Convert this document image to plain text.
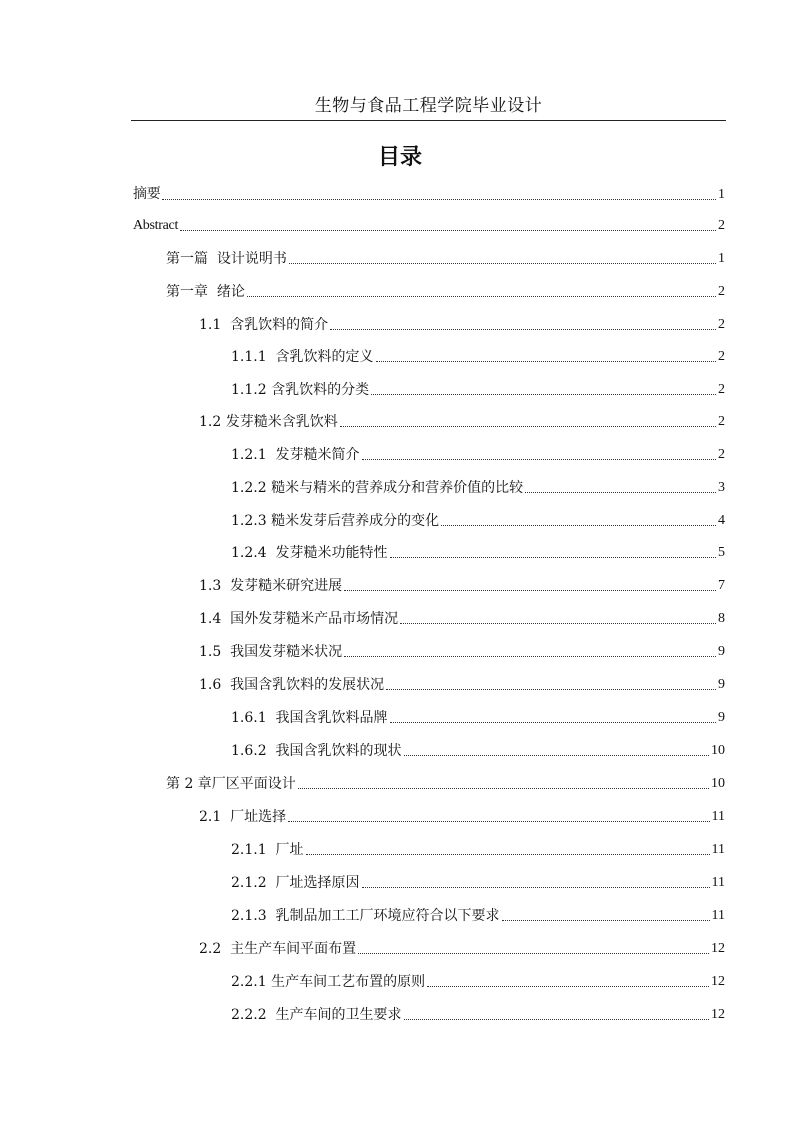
生物与食品工程学院毕业设计
目录
摘要	1
Abstract	2
第一篇  设计说明书	1
第一章  绪论	2
1.1  含乳饮料的简介	2
1.1.1  含乳饮料的定义	2
1.1.2 含乳饮料的分类	2
1.2 发芽糙米含乳饮料	2
1.2.1  发芽糙米简介	2
1.2.2 糙米与精米的营养成分和营养价值的比较	3
1.2.3 糙米发芽后营养成分的变化	4
1.2.4  发芽糙米功能特性	5
1.3  发芽糙米研究进展	7
1.4  国外发芽糙米产品市场情况	8
1.5  我国发芽糙米状况	9
1.6  我国含乳饮料的发展状况	9
1.6.1  我国含乳饮料品牌	9
1.6.2  我国含乳饮料的现状	10
第 2 章厂区平面设计	10
2.1  厂址选择	11
2.1.1  厂址	11
2.1.2  厂址选择原因	11
2.1.3  乳制品加工工厂环境应符合以下要求	11
2.2  主生产车间平面布置	12
2.2.1 生产车间工艺布置的原则	12
2.2.2  生产车间的卫生要求	12
